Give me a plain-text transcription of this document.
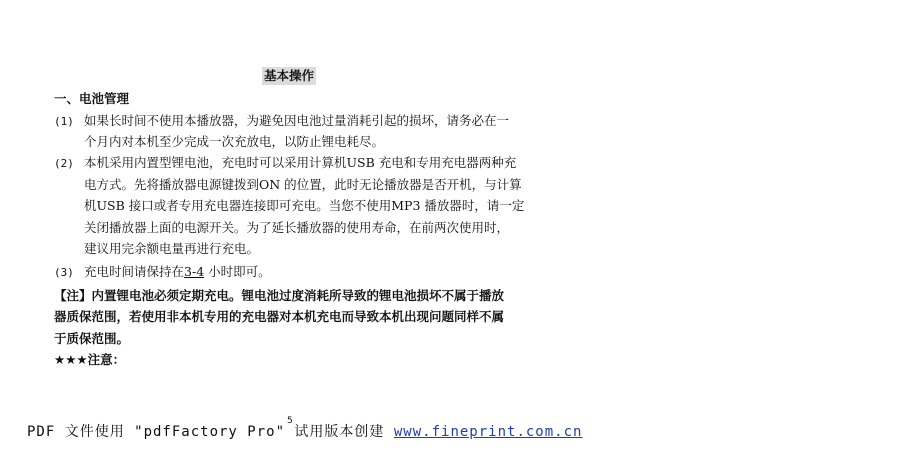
基本操作
一、电池管理
(1) 如果长时间不使用本播放器，为避免因电池过量消耗引起的损坏，请务必在一
个月内对本机至少完成一次充放电，以防止锂电耗尽。
(2) 本机采用内置型锂电池，充电时可以采用计算机USB 充电和专用充电器两种充
电方式。先将播放器电源键拨到ON 的位置，此时无论播放器是否开机，与计算
机USB 接口或者专用充电器连接即可充电。当您不使用MP3 播放器时，请一定
关闭播放器上面的电源开关。为了延长播放器的使用寿命，在前两次使用时，
建议用完余额电量再进行充电。
(3) 充电时间请保持在3-4 小时即可。
【注】内置锂电池必须定期充电。锂电池过度消耗所导致的锂电池损坏不属于播放
器质保范围，若使用非本机专用的充电器对本机充电而导致本机出现问题同样不属
于质保范围。
★★★注意：
5
PDF 文件使用 "pdfFactory Pro" 试用版本创建 www.fineprint.com.cn
